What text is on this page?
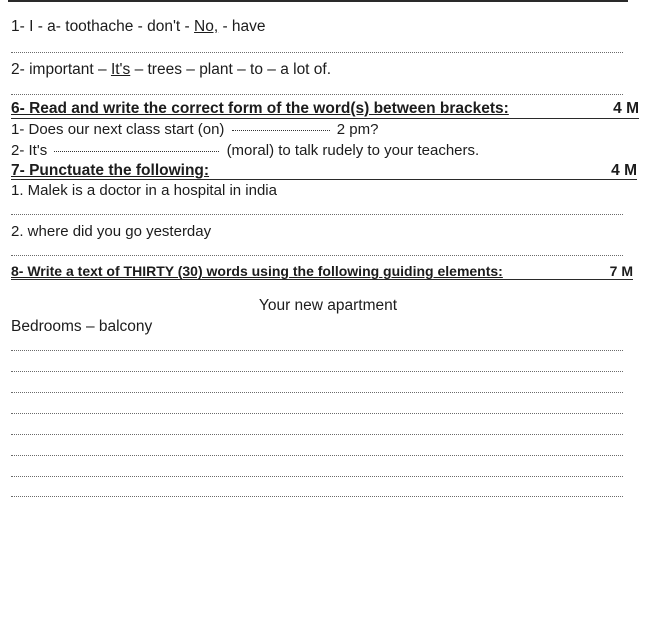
1- I - a- toothache - don't - No, - have
2- important – It's – trees – plant – to – a lot of.
6- Read and write the correct form of the word(s) between brackets:	4 M
1- Does our next class start (on)	2 pm?
2- It's	(moral) to talk rudely to your teachers.
7- Punctuate the following:	4 M
1. Malek is a doctor in a hospital in india
2. where did you go yesterday
8- Write a text of THIRTY (30) words using the following guiding elements:	7 M
Your new apartment
Bedrooms – balcony
